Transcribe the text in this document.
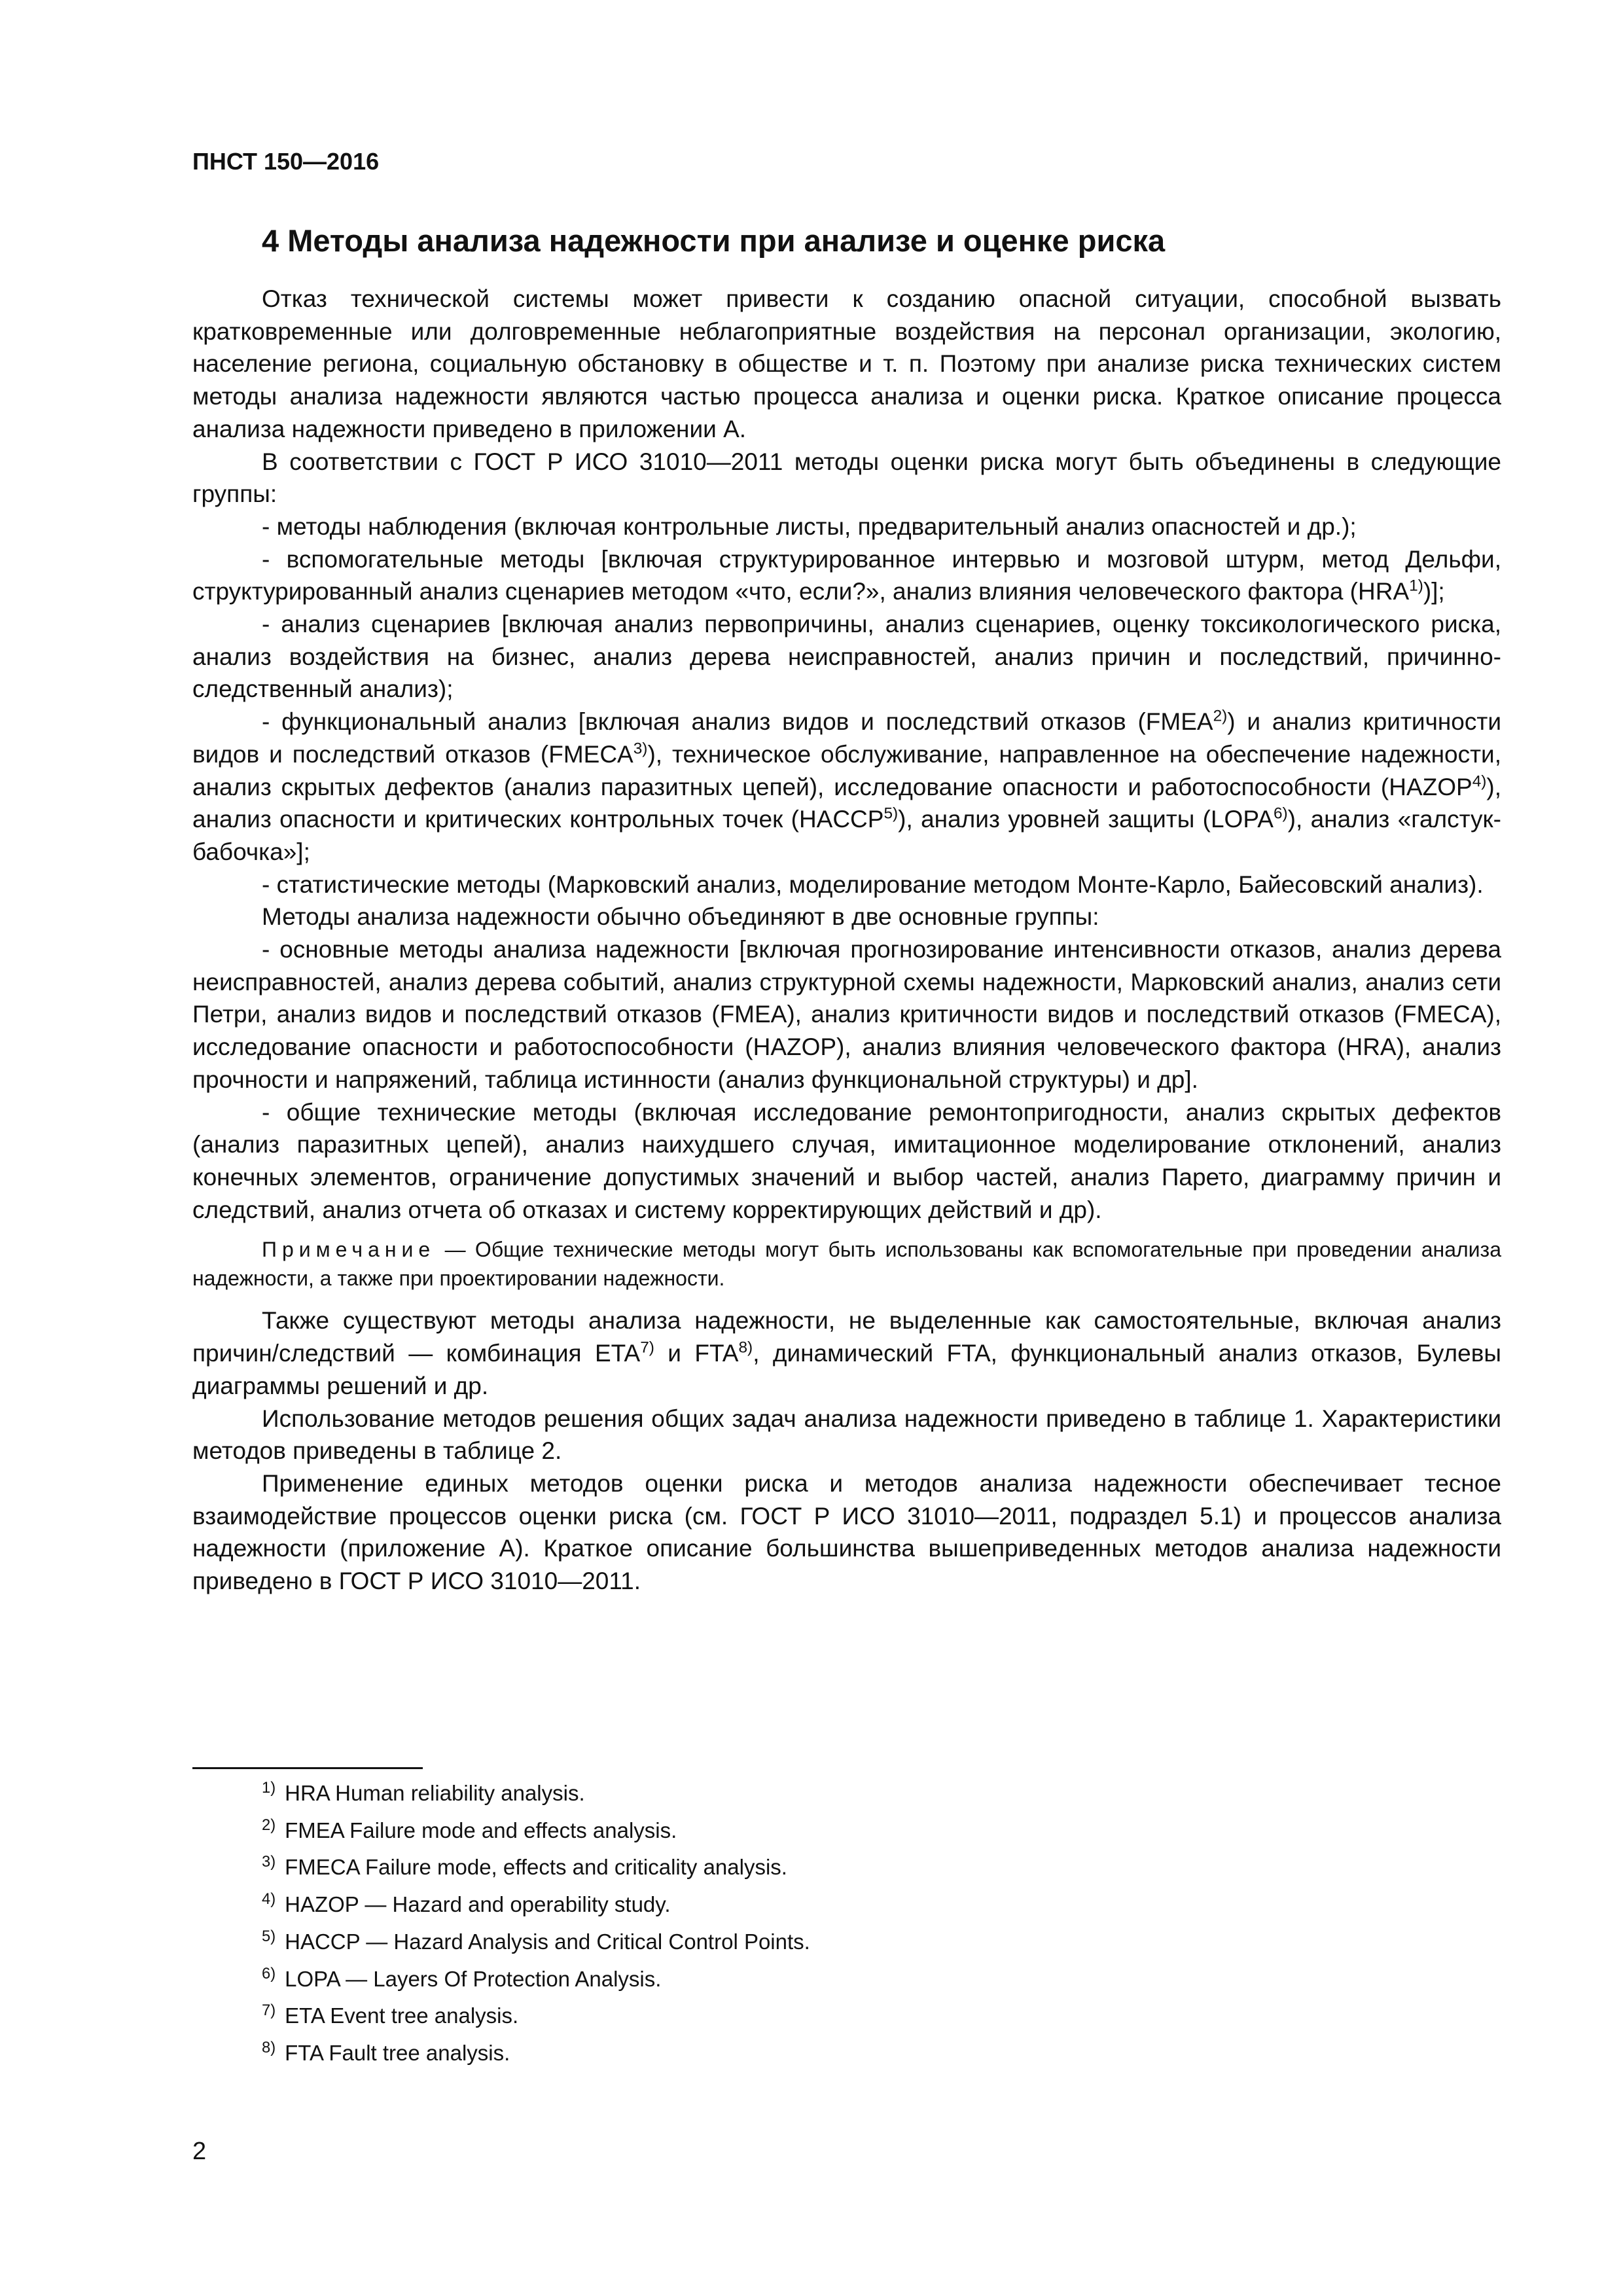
ПНСТ 150—2016
4 Методы анализа надежности при анализе и оценке риска

Отказ технической системы может привести к созданию опасной ситуации, способной вызвать кратковременные или долговременные неблагоприятные воздействия на персонал организации, экологию, население региона, социальную обстановку в обществе и т. п. Поэтому при анализе риска технических систем методы анализа надежности являются частью процесса анализа и оценки риска. Краткое описание процесса анализа надежности приведено в приложении А.

В соответствии с ГОСТ Р ИСО 31010—2011 методы оценки риска могут быть объединены в следующие группы:

- методы наблюдения (включая контрольные листы, предварительный анализ опасностей и др.);

- вспомогательные методы [включая структурированное интервью и мозговой штурм, метод Дельфи, структурированный анализ сценариев методом «что, если?», анализ влияния человеческого фактора (HRA$^{1)}$)];

- анализ сценариев [включая анализ первопричины, анализ сценариев, оценку токсикологического риска, анализ воздействия на бизнес, анализ дерева неисправностей, анализ причин и последствий, причинно-следственный анализ);

- функциональный анализ [включая анализ видов и последствий отказов (FMEA$^{2)}$) и анализ критичности видов и последствий отказов (FMECA$^{3)}$), техническое обслуживание, направленное на обеспечение надежности, анализ скрытых дефектов (анализ паразитных цепей), исследование опасности и работоспособности (HAZOP$^{4)}$), анализ опасности и критических контрольных точек (HACCP$^{5)}$), анализ уровней защиты (LOPA$^{6)}$), анализ «галстук-бабочка»];

- статистические методы (Марковский анализ, моделирование методом Монте-Карло, Байесовский анализ).

Методы анализа надежности обычно объединяют в две основные группы:

- основные методы анализа надежности [включая прогнозирование интенсивности отказов, анализ дерева неисправностей, анализ дерева событий, анализ структурной схемы надежности, Марковский анализ, анализ сети Петри, анализ видов и последствий отказов (FMEA), анализ критичности видов и последствий отказов (FMECA), исследование опасности и работоспособности (HAZOP), анализ влияния человеческого фактора (HRA), анализ прочности и напряжений, таблица истинности (анализ функциональной структуры) и др].

- общие технические методы (включая исследование ремонтопригодности, анализ скрытых дефектов (анализ паразитных цепей), анализ наихудшего случая, имитационное моделирование отклонений, анализ конечных элементов, ограничение допустимых значений и выбор частей, анализ Парето, диаграмму причин и следствий, анализ отчета об отказах и систему корректирующих действий и др).

Примечание — Общие технические методы могут быть использованы как вспомогательные при проведении анализа надежности, а также при проектировании надежности.

Также существуют методы анализа надежности, не выделенные как самостоятельные, включая анализ причин/следствий — комбинация ETA$^{7)}$ и FTA$^{8)}$, динамический FTA, функциональный анализ отказов, Булевы диаграммы решений и др.

Использование методов решения общих задач анализа надежности приведено в таблице 1. Характеристики методов приведены в таблице 2.

Применение единых методов оценки риска и методов анализа надежности обеспечивает тесное взаимодействие процессов оценки риска (см. ГОСТ Р ИСО 31010—2011, подраздел 5.1) и процессов анализа надежности (приложение А). Краткое описание большинства вышеприведенных методов анализа надежности приведено в ГОСТ Р ИСО 31010—2011.

$^{1)}$ HRA Human reliability analysis.
$^{2)}$ FMEA Failure mode and effects analysis.
$^{3)}$ FMECA Failure mode, effects and criticality analysis.
$^{4)}$ HAZOP — Hazard and operability study.
$^{5)}$ HACCP — Hazard Analysis and Critical Control Points.
$^{6)}$ LOPA — Layers Of Protection Analysis.
$^{7)}$ ETA Event tree analysis.
$^{8)}$ FTA Fault tree analysis.
2
